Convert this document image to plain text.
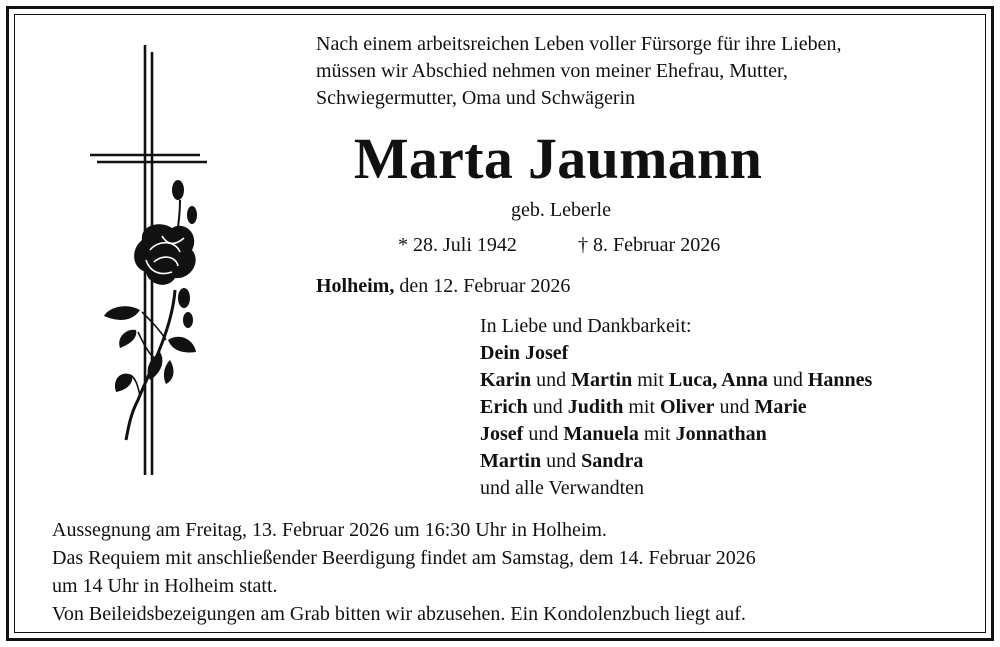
Nach einem arbeitsreichen Leben voller Fürsorge für ihre Lieben,
müssen wir Abschied nehmen von meiner Ehefrau, Mutter,
Schwiegermutter, Oma und Schwägerin
Marta Jaumann
geb. Leberle
* 28. Juli 1942	† 8. Februar 2026
Holheim, den 12. Februar 2026
In Liebe und Dankbarkeit:
Dein Josef
Karin und Martin mit Luca, Anna und Hannes
Erich und Judith mit Oliver und Marie
Josef und Manuela mit Jonnathan
Martin und Sandra
und alle Verwandten
Aussegnung am Freitag, 13. Februar 2026 um 16:30 Uhr in Holheim.
Das Requiem mit anschließender Beerdigung findet am Samstag, dem 14. Februar 2026
um 14 Uhr in Holheim statt.
Von Beileidsbezeigungen am Grab bitten wir abzusehen. Ein Kondolenzbuch liegt auf.
